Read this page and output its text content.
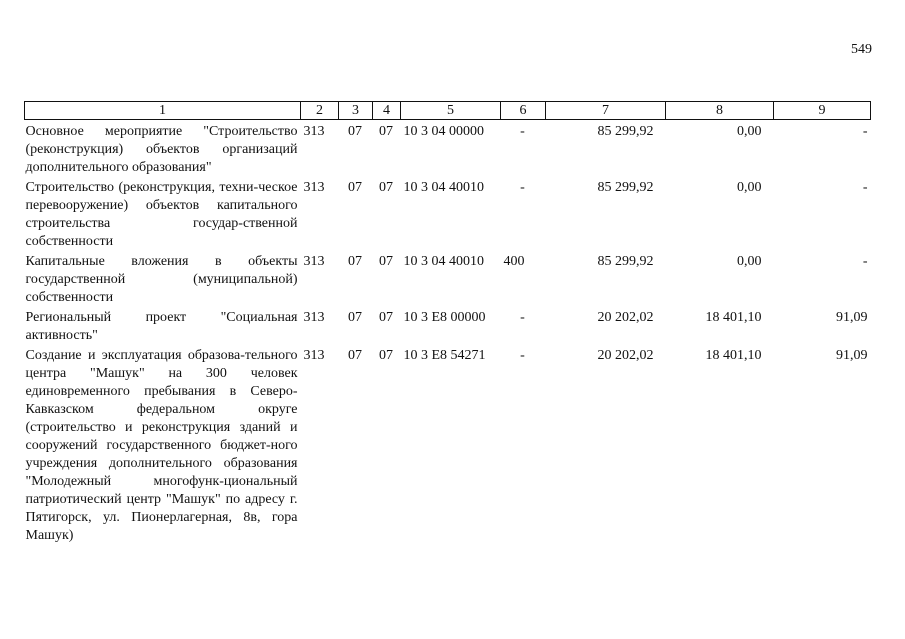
549
1	2	3	4	5	6	7	8	9
Основное мероприятие "Строительство (реконструкция) объектов организаций дополнительного образования"	313	07	07	10 3 04 00000	-	85 299,92	0,00	-
Строительство (реконструкция, техни-ческое перевооружение) объектов капитального строительства государ-ственной собственности	313	07	07	10 3 04 40010	-	85 299,92	0,00	-
Капитальные вложения в объекты государственной (муниципальной) собственности	313	07	07	10 3 04 40010	400	85 299,92	0,00	-
Региональный проект "Социальная активность"	313	07	07	10 3 E8 00000	-	20 202,02	18 401,10	91,09
Создание и эксплуатация образова-тельного центра "Машук" на 300 человек единовременного пребывания в Северо-Кавказском федеральном округе (строительство и реконструкция зданий и сооружений государственного бюджет-ного учреждения дополнительного образования "Молодежный многофунк-циональный патриотический центр "Машук" по адресу г. Пятигорск, ул. Пионерлагерная, 8в, гора Машук)	313	07	07	10 3 E8 54271	-	20 202,02	18 401,10	91,09
